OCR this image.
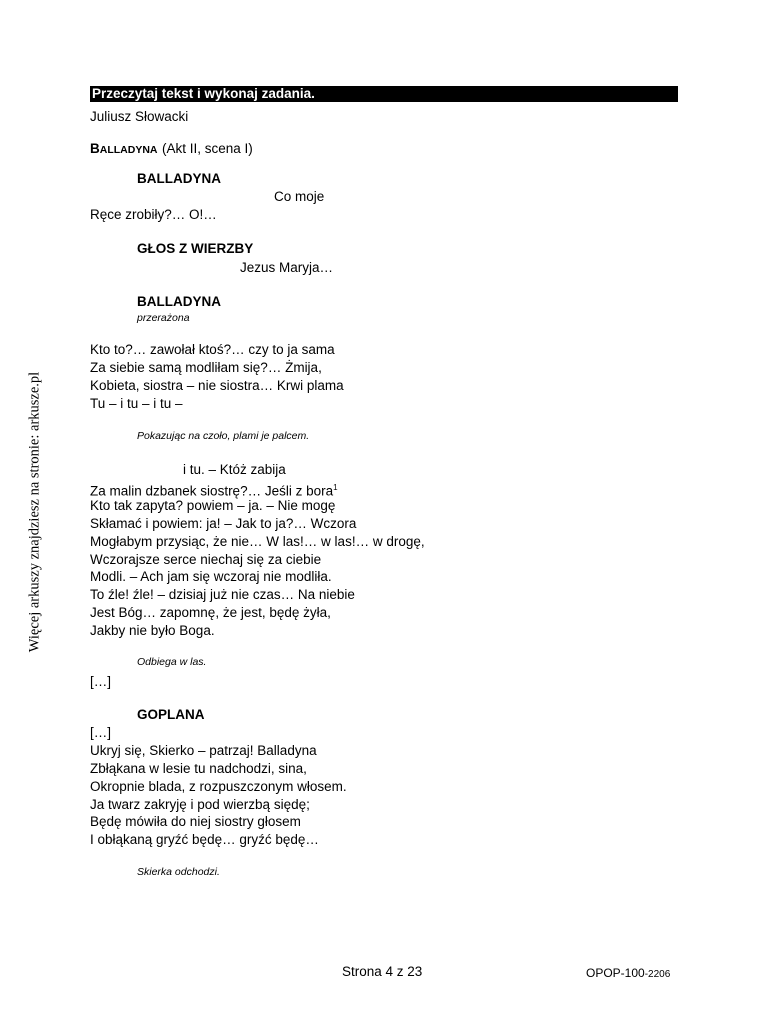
Więcej arkuszy znajdziesz na stronie: arkusze.pl
Przeczytaj tekst i wykonaj zadania.
Juliusz Słowacki
BALLADYNA (Akt II, scena I)
BALLADYNA
Co moje
Ręce zrobiły?… O!…
GŁOS Z WIERZBY
Jezus Maryja…
BALLADYNA
przerażona
Kto to?… zawołał ktoś?… czy to ja sama
Za siebie samą modliłam się?… Żmija,
Kobieta, siostra – nie siostra… Krwi plama
Tu – i tu – i tu –
Pokazując na czoło, plami je palcem.
i tu. – Któż zabija
Za malin dzbanek siostrę?… Jeśli z bora$^1$
Kto tak zapyta? powiem – ja. – Nie mogę
Skłamać i powiem: ja! – Jak to ja?… Wczora
Mogłabym przysiąc, że nie… W las!… w las!… w drogę,
Wczorajsze serce niechaj się za ciebie
Modli. – Ach jam się wczoraj nie modliła.
To źle! źle! – dzisiaj już nie czas… Na niebie
Jest Bóg… zapomnę, że jest, będę żyła,
Jakby nie było Boga.
Odbiega w las.
[…]
GOPLANA
[…]
Ukryj się, Skierko – patrzaj! Balladyna
Zbłąkana w lesie tu nadchodzi, sina,
Okropnie blada, z rozpuszczonym włosem.
Ja twarz zakryję i pod wierzbą siędę;
Będę mówiła do niej siostry głosem
I obłąkaną gryźć będę… gryźć będę…
Skierka odchodzi.
Strona 4 z 23	OPOP-100-2206
